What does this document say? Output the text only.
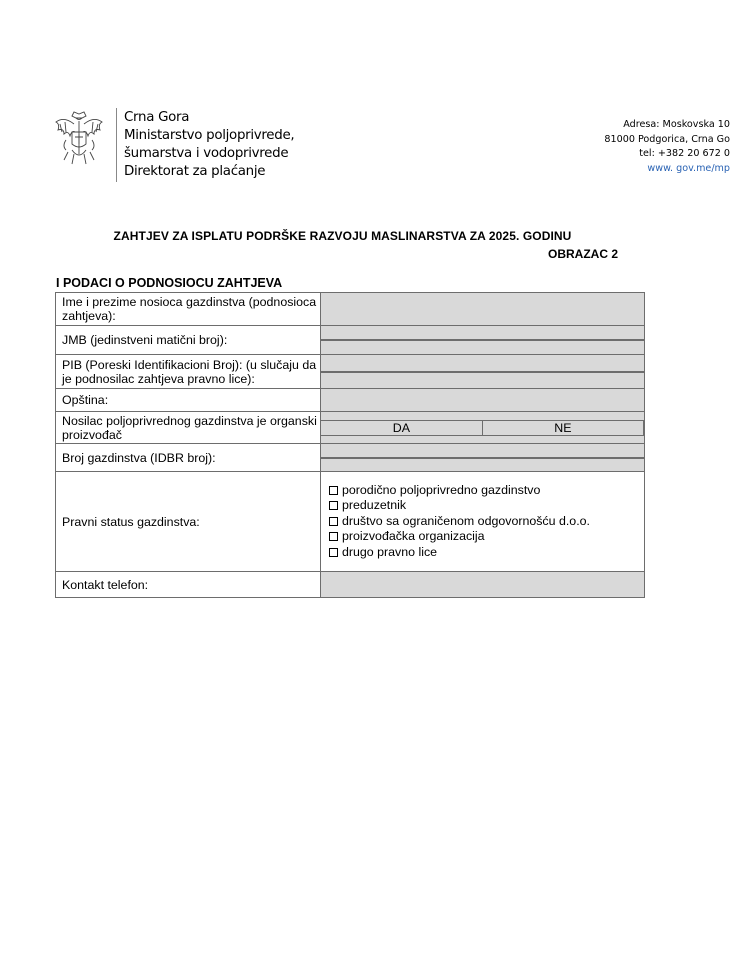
Crna Gora
Ministarstvo poljoprivrede,
šumarstva i vodoprivrede
Direktorat za plaćanje
Adresa: Moskovska 10
81000 Podgorica, Crna Go
tel: +382 20 672 0
www. gov.me/mp
ZAHTJEV ZA ISPLATU PODRŠKE RAZVOJU MASLINARSTVA ZA 2025. GODINU
OBRAZAC 2
I PODACI O PODNOSIOCU ZAHTJEVA
Ime i prezime nosioca gazdinstva (podnosioca zahtjeva):	
JMB (jedinstveni matični broj):	

PIB (Poreski Identifikacioni Broj): (u slučaju da je podnosilac zahtjeva pravno lice):	

Opština:	
Nosilac poljoprivrednog gazdinstva je organski proizvođač		DA	NE

Broj gazdinstva (IDBR broj):	

Pravni status gazdinstva:	
porodično poljoprivredno gazdinstvo
preduzetnik
društvo sa ograničenom odgovornošću d.o.o.
proizvođačka organizacija
drugo pravno lice

Kontakt telefon:	
